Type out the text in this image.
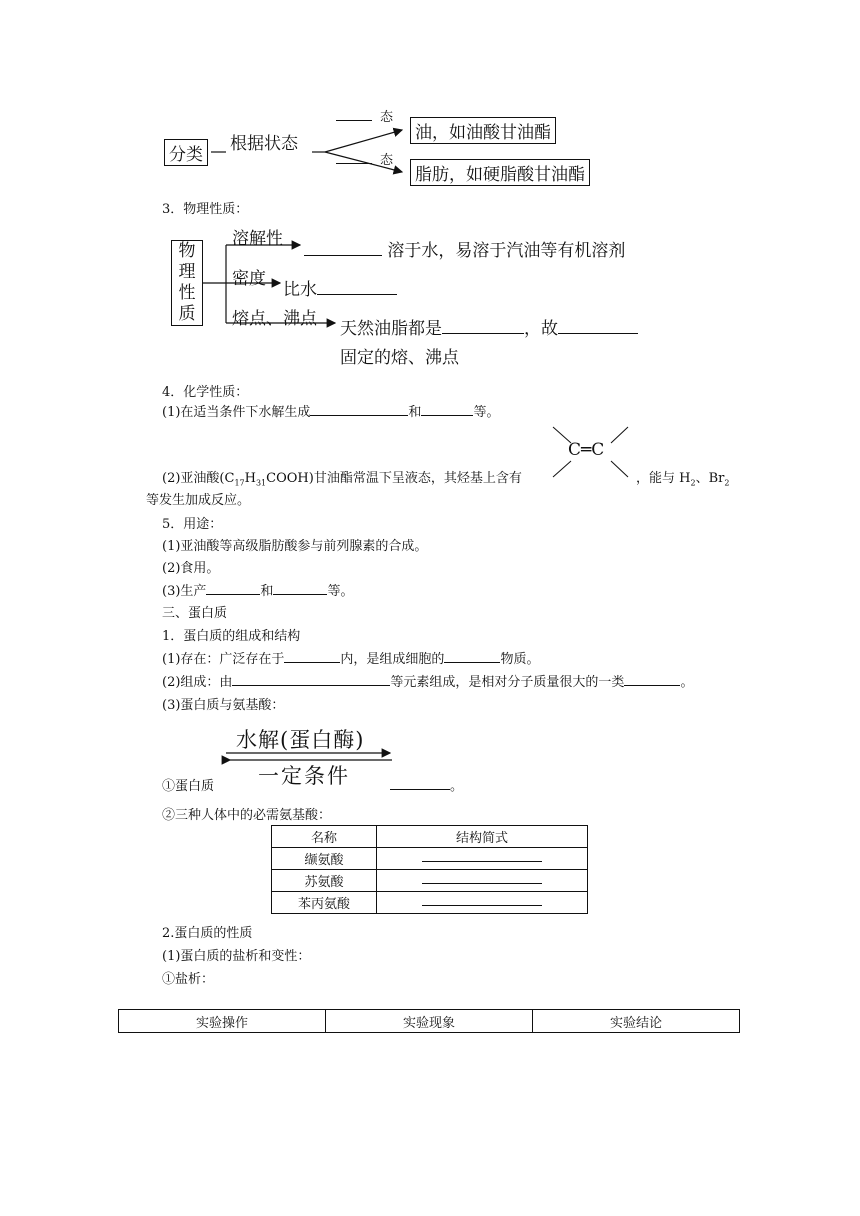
分类
根据状态
态
态
油，如油酸甘油酯
脂肪，如硬脂酸甘油酯
3．物理性质：
物
理
性
质
溶解性
溶于水，易溶于汽油等有机溶剂
密度
比水
熔点、沸点 天然油脂都是	，故
固定的熔、沸点
4．化学性质：
(1)在适当条件下水解生成	和	等。
C═C
(2)亚油酸$(C_{17}H_{31}COOH)$甘油酯常温下呈液态，其烃基上含有	，能与 $H_2$、$Br_2$
等发生加成反应。
5．用途：
(1)亚油酸等高级脂肪酸参与前列腺素的合成。
(2)食用。
(3)生产	和	等。
三、蛋白质
1．蛋白质的组成和结构
(1)存在：广泛存在于	内，是组成细胞的	物质。
(2)组成：由	等元素组成，是相对分子质量很大的一类	。
(3)蛋白质与氨基酸：
水解(蛋白酶)
一定条件
①蛋白质	。
②三种人体中的必需氨基酸：
名称	结构简式
缬氨酸	
苏氨酸	
苯丙氨酸	
2.蛋白质的性质
(1)蛋白质的盐析和变性：
①盐析：
实验操作	实验现象	实验结论
